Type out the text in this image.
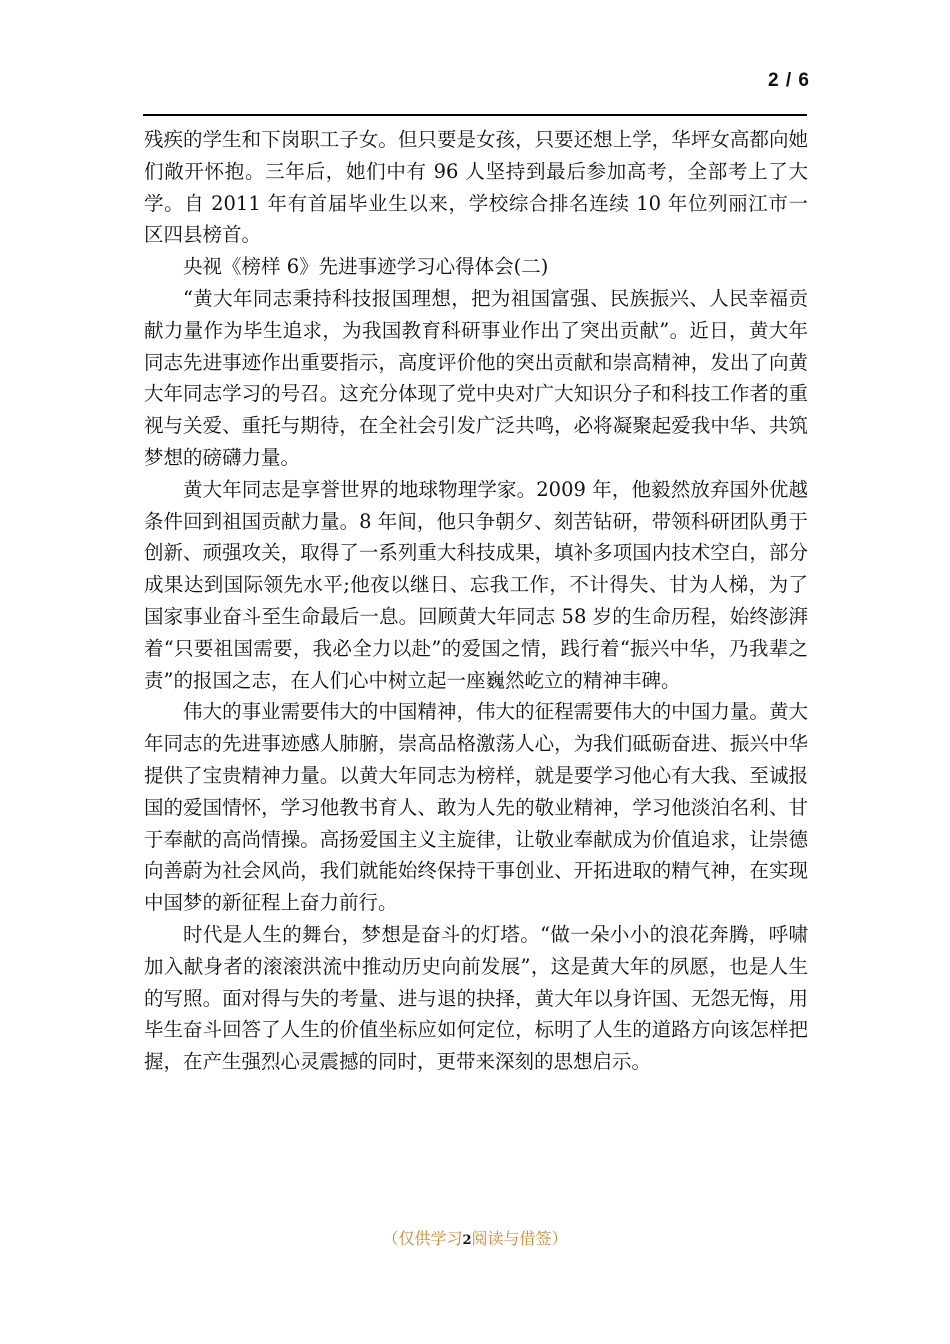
2 / 6

残疾的学生和下岗职工子女。但只要是女孩，只要还想上学，华坪女高都向她们敞开怀抱。三年后，她们中有 96 人坚持到最后参加高考，全部考上了大学。自 2011 年有首届毕业生以来，学校综合排名连续 10 年位列丽江市一区四县榜首。

央视《榜样 6》先进事迹学习心得体会(二)

“黄大年同志秉持科技报国理想，把为祖国富强、民族振兴、人民幸福贡献力量作为毕生追求，为我国教育科研事业作出了突出贡献”。近日，黄大年同志先进事迹作出重要指示，高度评价他的突出贡献和崇高精神，发出了向黄大年同志学习的号召。这充分体现了党中央对广大知识分子和科技工作者的重视与关爱、重托与期待，在全社会引发广泛共鸣，必将凝聚起爱我中华、共筑梦想的磅礴力量。

黄大年同志是享誉世界的地球物理学家。2009 年，他毅然放弃国外优越条件回到祖国贡献力量。8 年间，他只争朝夕、刻苦钻研，带领科研团队勇于创新、顽强攻关，取得了一系列重大科技成果，填补多项国内技术空白，部分成果达到国际领先水平;他夜以继日、忘我工作，不计得失、甘为人梯，为了国家事业奋斗至生命最后一息。回顾黄大年同志 58 岁的生命历程，始终澎湃着“只要祖国需要，我必全力以赴”的爱国之情，践行着“振兴中华，乃我辈之责”的报国之志，在人们心中树立起一座巍然屹立的精神丰碑。

伟大的事业需要伟大的中国精神，伟大的征程需要伟大的中国力量。黄大年同志的先进事迹感人肺腑，崇高品格激荡人心，为我们砥砺奋进、振兴中华提供了宝贵精神力量。以黄大年同志为榜样，就是要学习他心有大我、至诚报国的爱国情怀，学习他教书育人、敢为人先的敬业精神，学习他淡泊名利、甘于奉献的高尚情操。高扬爱国主义主旋律，让敬业奉献成为价值追求，让崇德向善蔚为社会风尚，我们就能始终保持干事创业、开拓进取的精气神，在实现中国梦的新征程上奋力前行。

时代是人生的舞台，梦想是奋斗的灯塔。“做一朵小小的浪花奔腾，呼啸加入献身者的滚滚洪流中推动历史向前发展”，这是黄大年的夙愿，也是人生的写照。面对得与失的考量、进与退的抉择，黄大年以身许国、无怨无悔，用毕生奋斗回答了人生的价值坐标应如何定位，标明了人生的道路方向该怎样把握，在产生强烈心灵震撼的同时，更带来深刻的思想启示。

（仅供学习2阅读与借签）
